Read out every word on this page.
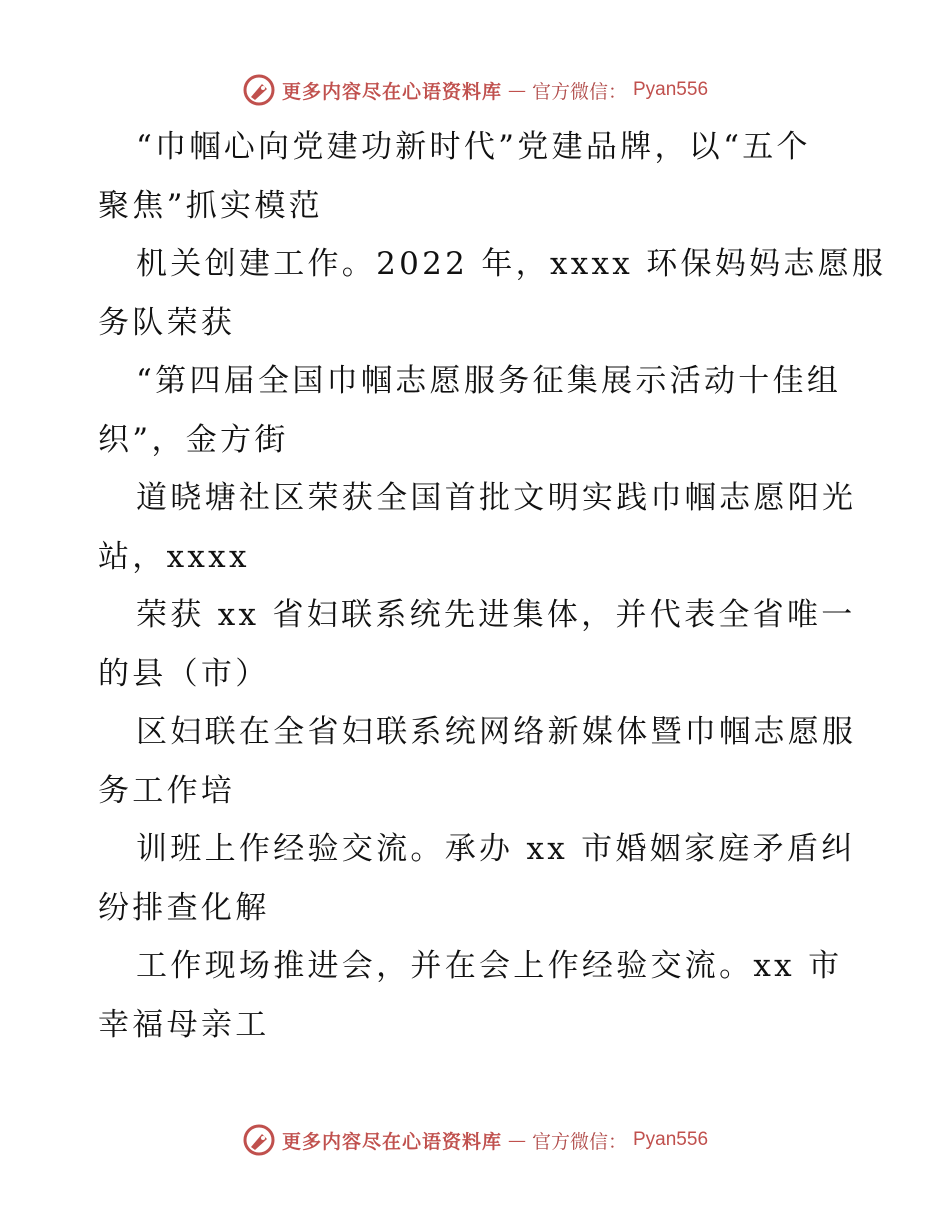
更多内容尽在心语资料库 — 官方微信： Pyan556

“巾帼心向党建功新时代”党建品牌，以“五个

聚焦”抓实模范

机关创建工作。2022 年，xxxx 环保妈妈志愿服

务队荣获

“第四届全国巾帼志愿服务征集展示活动十佳组

织”，金方街

道晓塘社区荣获全国首批文明实践巾帼志愿阳光

站，xxxx

荣获 xx 省妇联系统先进集体，并代表全省唯一

的县（市）

区妇联在全省妇联系统网络新媒体暨巾帼志愿服

务工作培

训班上作经验交流。承办 xx 市婚姻家庭矛盾纠

纷排查化解

工作现场推进会，并在会上作经验交流。xx 市

幸福母亲工

更多内容尽在心语资料库 — 官方微信： Pyan556
